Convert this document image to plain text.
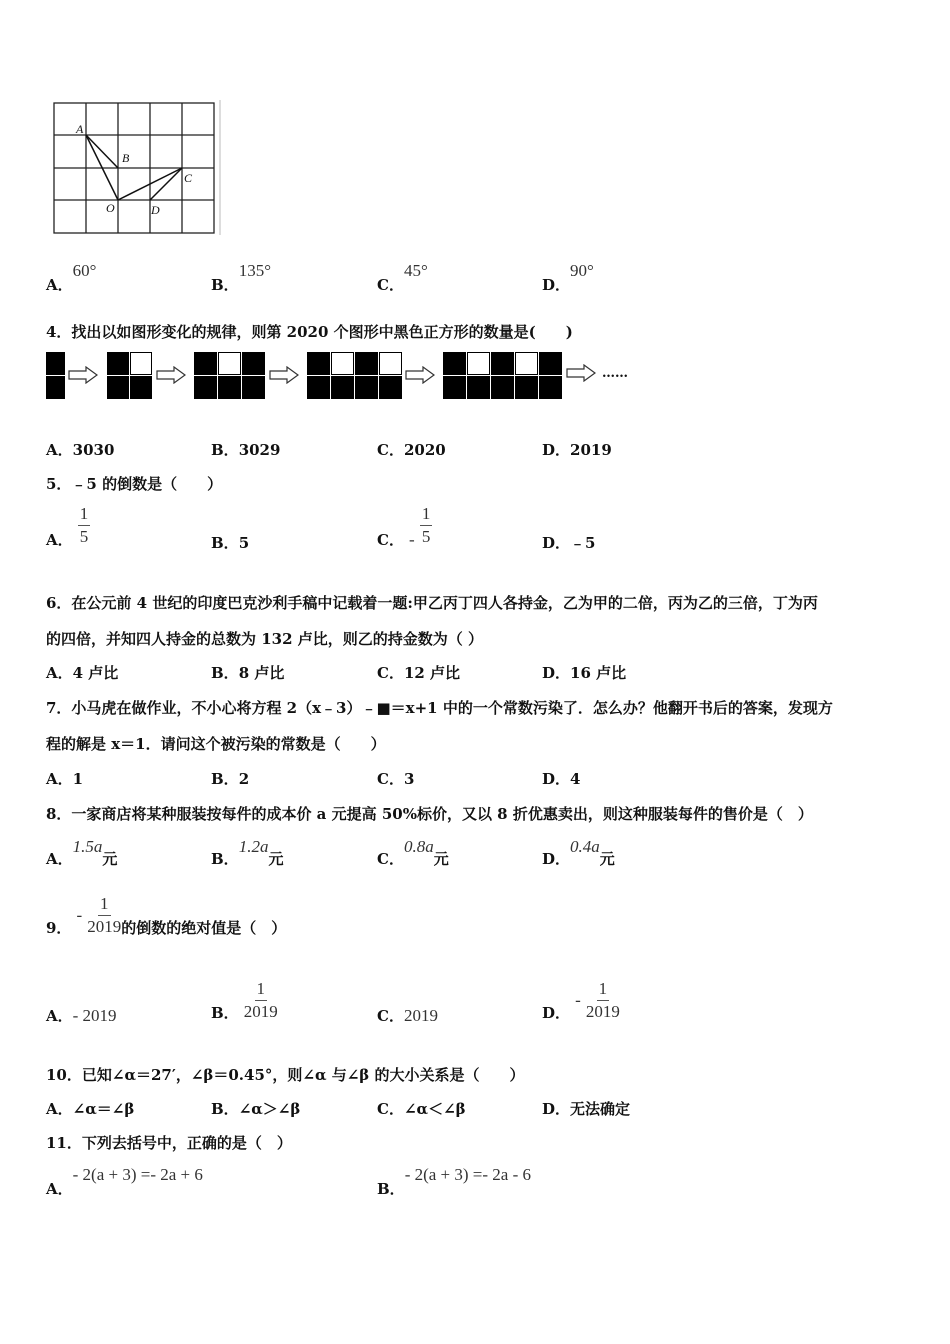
A
B
C
O	D
A．60°
B．135°
C．45°
D．90°
4．找出以如图形变化的规律，则第 2020 个图形中黑色正方形的数量是(　　)
……
A．3030	B．3029	C．2020	D．2019
5．﹣5 的倒数是（　　）
A． $\frac{1}{5}$	B．5	C． - $\frac{1}{5}$	D．﹣5
6．在公元前 4 世纪的印度巴克沙利手稿中记载着一题:甲乙丙丁四人各持金，乙为甲的二倍，丙为乙的三倍，丁为丙
的四倍，并知四人持金的总数为 132 卢比，则乙的持金数为（ ）
A．4 卢比	B．8 卢比	C．12 卢比	D．16 卢比
7．小马虎在做作业，不小心将方程 2（x﹣3）﹣■＝x+1 中的一个常数污染了．怎么办？他翻开书后的答案，发现方
程的解是 x＝1．请问这个被污染的常数是（　　）
A．1	B．2	C．3	D．4
8．一家商店将某种服装按每件的成本价 a 元提高 50%标价，又以 8 折优惠卖出，则这种服装每件的售价是（　）
A．1.5a元	B．1.2a元	C．0.8a元	D．0.4a元
9． - $\frac{1}{2019}$ 的倒数的绝对值是（　）
A．- 2019	B． $\frac{1}{2019}$	C．2019	D． - $\frac{1}{2019}$
10．已知∠α＝27′，∠β＝0.45°，则∠α 与∠β 的大小关系是（　　）
A．∠α＝∠β	B．∠α＞∠β	C．∠α＜∠β	D．无法确定
11．下列去括号中，正确的是（　）
A．- 2(a + 3) =- 2a + 6
B．- 2(a + 3) =- 2a - 6
